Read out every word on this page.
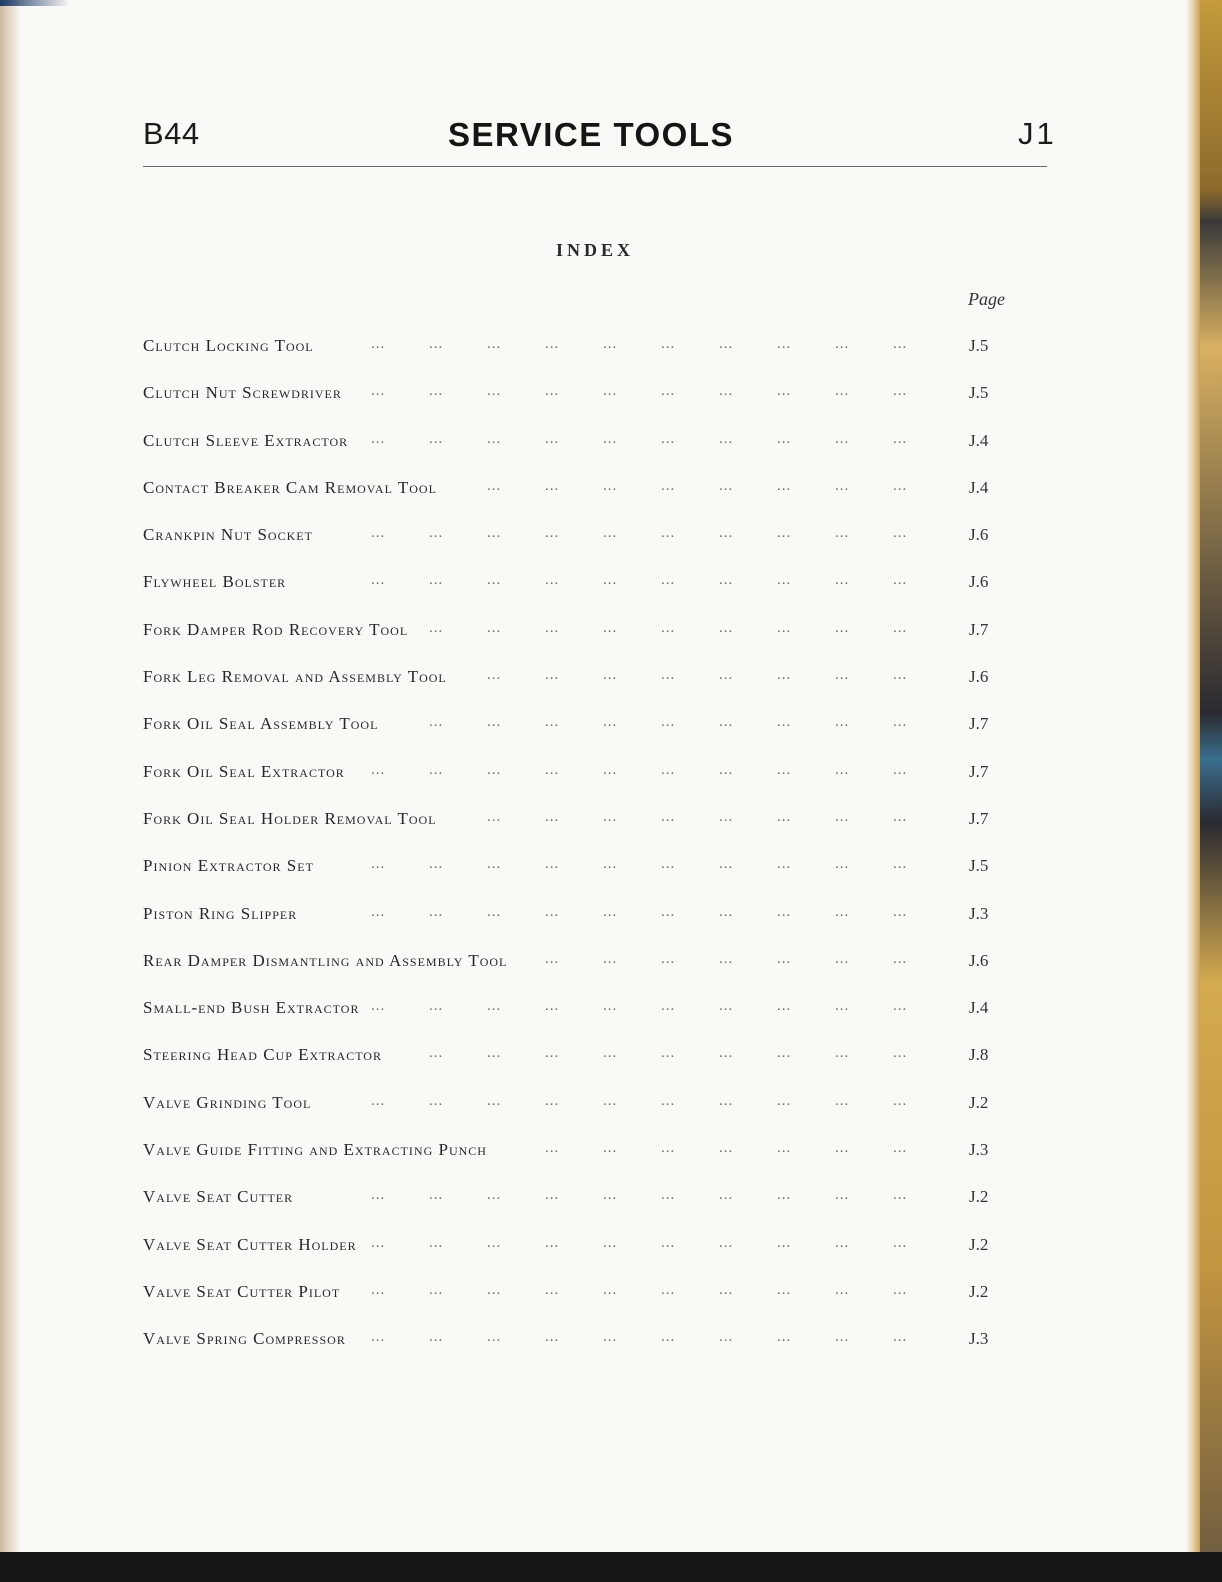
B44	SERVICE TOOLS	J1
INDEX
Page
Clutch Locking Tool	J.5
...	...	...	...	...	...	...	...	...	...
Clutch Nut Screwdriver	J.5
...	...	...	...	...	...	...	...	...	...
Clutch Sleeve Extractor	J.4
...	...	...	...	...	...	...	...	...	...
Contact Breaker Cam Removal Tool	J.4
...	...	...	...	...	...	...	...
Crankpin Nut Socket	J.6
...	...	...	...	...	...	...	...	...	...
Flywheel Bolster	J.6
...	...	...	...	...	...	...	...	...	...
Fork Damper Rod Recovery Tool	J.7
...	...	...	...	...	...	...	...	...
Fork Leg Removal and Assembly Tool	J.6
...	...	...	...	...	...	...	...
Fork Oil Seal Assembly Tool	J.7
...	...	...	...	...	...	...	...	...
Fork Oil Seal Extractor	J.7
...	...	...	...	...	...	...	...	...	...
Fork Oil Seal Holder Removal Tool	J.7
...	...	...	...	...	...	...	...
Pinion Extractor Set	J.5
...	...	...	...	...	...	...	...	...	...
Piston Ring Slipper	J.3
...	...	...	...	...	...	...	...	...	...
Rear Damper Dismantling and Assembly Tool	J.6
...	...	...	...	...	...	...
Small-end Bush Extractor	J.4
...	...	...	...	...	...	...	...	...	...
Steering Head Cup Extractor	J.8
...	...	...	...	...	...	...	...	...
Valve Grinding Tool	J.2
...	...	...	...	...	...	...	...	...	...
Valve Guide Fitting and Extracting Punch	J.3
...	...	...	...	...	...	...
Valve Seat Cutter	J.2
...	...	...	...	...	...	...	...	...	...
Valve Seat Cutter Holder	J.2
...	...	...	...	...	...	...	...	...	...
Valve Seat Cutter Pilot	J.2
...	...	...	...	...	...	...	...	...	...
Valve Spring Compressor	J.3
...	...	...	...	...	...	...	...	...	...
